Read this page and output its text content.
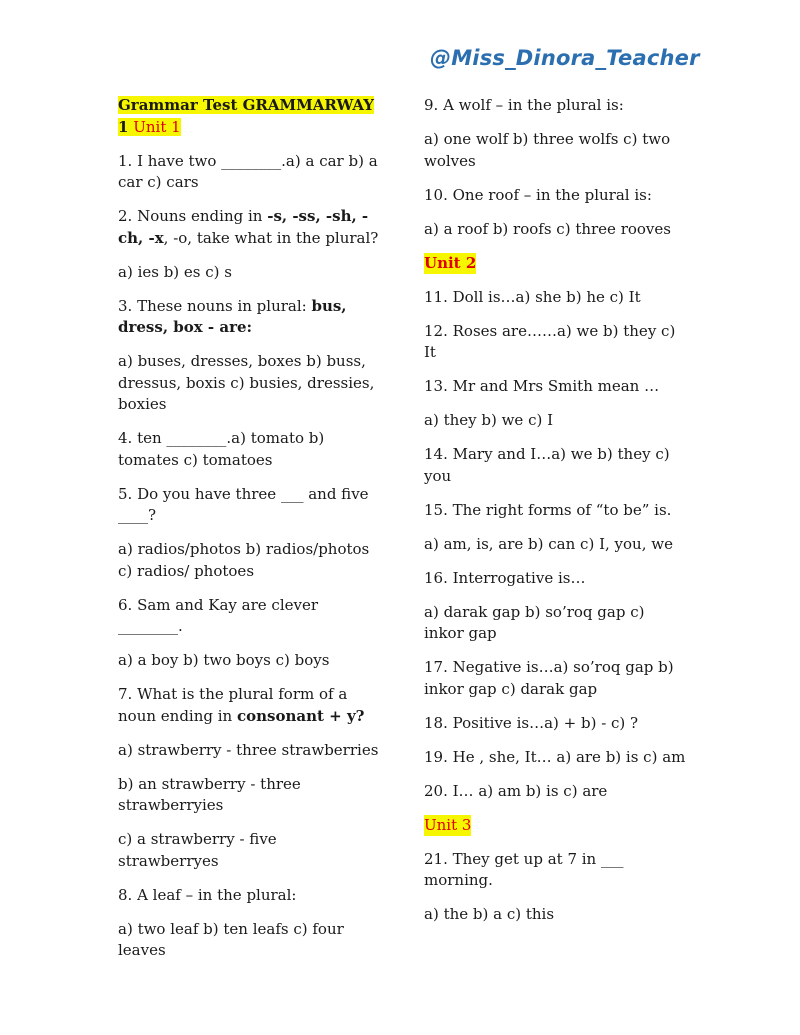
@Miss_Dinora_Teacher

Grammar Test GRAMMARWAY 1 Unit 1

1. I have two ________.a) a car b) a car c) cars

2. Nouns ending in -s, -ss, -sh, -ch, -x, -o, take what in the plural?

a) ies b) es c) s

3. These nouns in plural: bus, dress, box - are:

a) buses, dresses, boxes b) buss, dressus, boxis c) busies, dressies, boxies

4. ten ________.a) tomato b) tomates c) tomatoes

5. Do you have three ___ and five ____?

a) radios/photos b) radios/photos c) radios/ photoes

6. Sam and Kay are clever ________.

a) a boy b) two boys c) boys

7. What is the plural form of a noun ending in consonant + y?

a) strawberry - three strawberries

b) an strawberry - three strawberryies

c) a strawberry - five strawberryes

8. A leaf – in the plural:

a) two leaf b) ten leafs c) four leaves

9. A wolf – in the plural is:

a) one wolf b) three wolfs c) two wolves

10. One roof – in the plural is:

a) a roof b) roofs c) three rooves

Unit 2

11. Doll is…a) she b) he c) It

12. Roses are……a) we b) they c) It

13. Mr and Mrs Smith mean …

a) they b) we c) I

14. Mary and I…a) we b) they c) you

15. The right forms of “to be” is.

a) am, is, are b) can c) I, you, we

16. Interrogative is…

a) darak gap b) so’roq gap c) inkor gap

17. Negative is…a) so’roq gap b) inkor gap c) darak gap

18. Positive is…a) + b) - c) ?

19. He , she, It… a) are b) is c) am

20. I… a) am b) is c) are

Unit 3

21. They get up at 7 in ___ morning.

a) the b) a c) this
